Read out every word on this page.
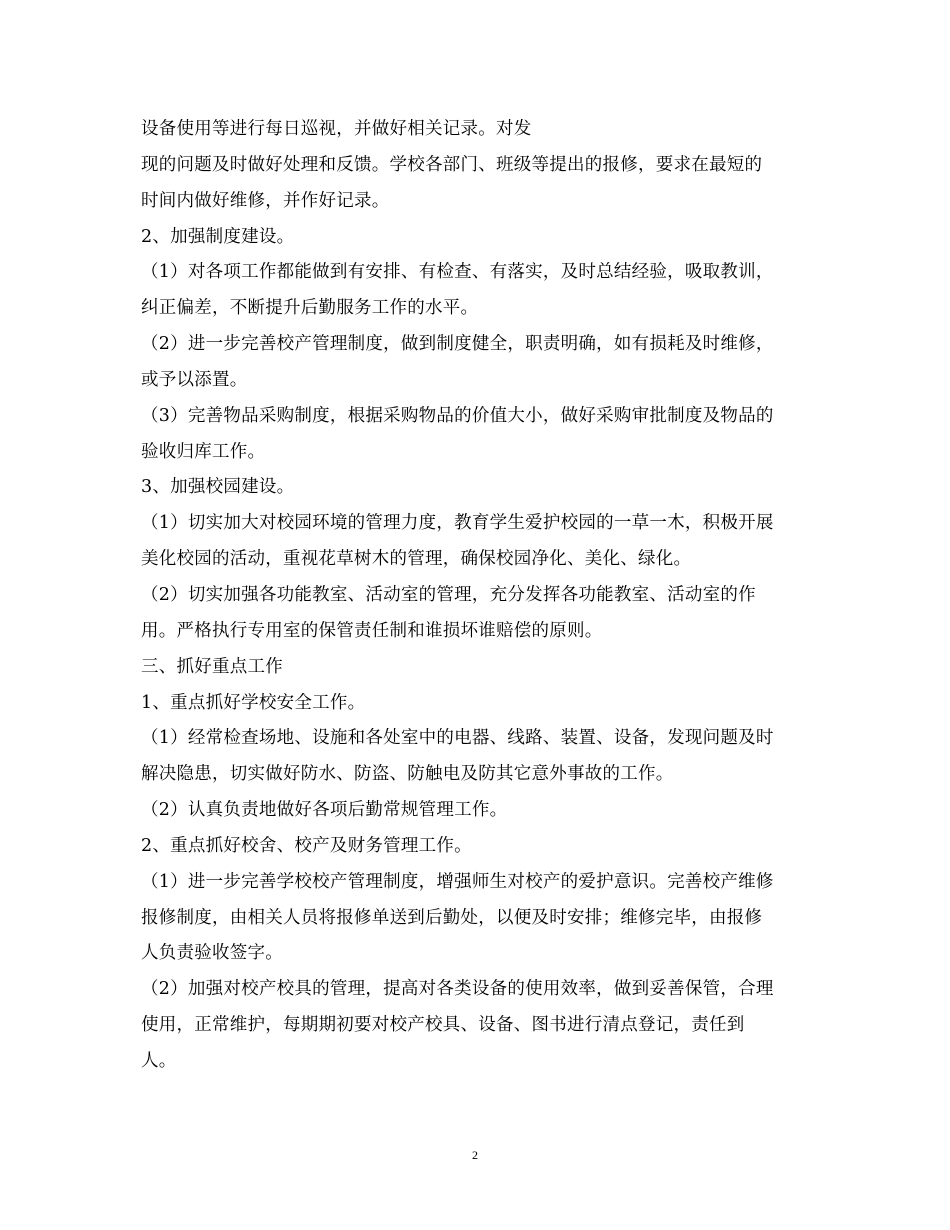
设备使用等进行每日巡视，并做好相关记录。对发
现的问题及时做好处理和反馈。学校各部门、班级等提出的报修，要求在最短的
时间内做好维修，并作好记录。
2、加强制度建设。
（1）对各项工作都能做到有安排、有检查、有落实，及时总结经验，吸取教训，
纠正偏差，不断提升后勤服务工作的水平。
（2）进一步完善校产管理制度，做到制度健全，职责明确，如有损耗及时维修，
或予以添置。
（3）完善物品采购制度，根据采购物品的价值大小，做好采购审批制度及物品的
验收归库工作。
3、加强校园建设。
（1）切实加大对校园环境的管理力度，教育学生爱护校园的一草一木，积极开展
美化校园的活动，重视花草树木的管理，确保校园净化、美化、绿化。
（2）切实加强各功能教室、活动室的管理，充分发挥各功能教室、活动室的作
用。严格执行专用室的保管责任制和谁损坏谁赔偿的原则。
三、抓好重点工作
1、重点抓好学校安全工作。
（1）经常检查场地、设施和各处室中的电器、线路、装置、设备，发现问题及时
解决隐患，切实做好防水、防盗、防触电及防其它意外事故的工作。
（2）认真负责地做好各项后勤常规管理工作。
2、重点抓好校舍、校产及财务管理工作。
（1）进一步完善学校校产管理制度，增强师生对校产的爱护意识。完善校产维修
报修制度，由相关人员将报修单送到后勤处，以便及时安排；维修完毕，由报修
人负责验收签字。
（2）加强对校产校具的管理，提高对各类设备的使用效率，做到妥善保管，合理
使用，正常维护，每期期初要对校产校具、设备、图书进行清点登记，责任到
人。
2
